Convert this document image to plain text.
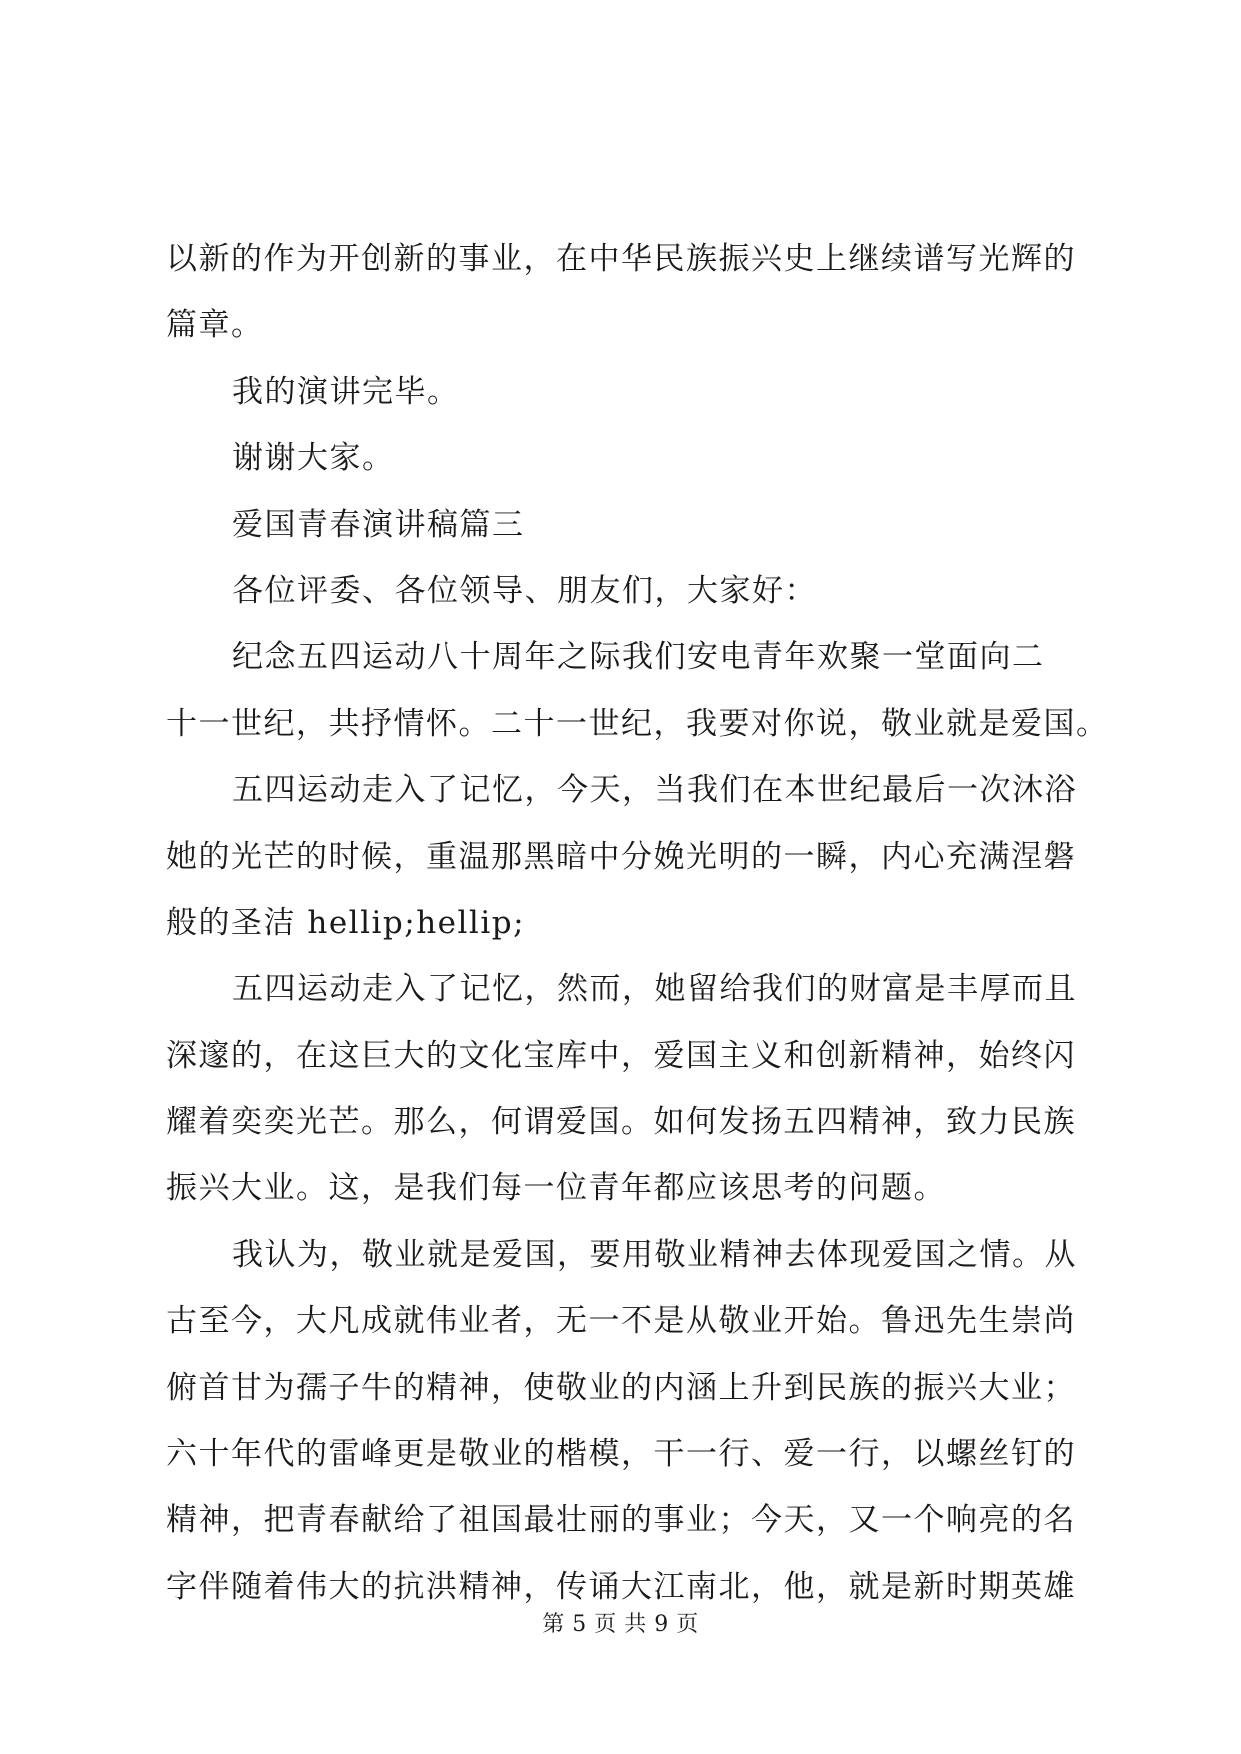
以新的作为开创新的事业，在中华民族振兴史上继续谱写光辉的
篇章。
我的演讲完毕。
谢谢大家。
爱国青春演讲稿篇三
各位评委、各位领导、朋友们，大家好：
纪念五四运动八十周年之际我们安电青年欢聚一堂面向二
十一世纪，共抒情怀。二十一世纪，我要对你说，敬业就是爱国。
五四运动走入了记忆，今天，当我们在本世纪最后一次沐浴
她的光芒的时候，重温那黑暗中分娩光明的一瞬，内心充满涅磐
般的圣洁 hellip;hellip;
五四运动走入了记忆，然而，她留给我们的财富是丰厚而且
深邃的，在这巨大的文化宝库中，爱国主义和创新精神，始终闪
耀着奕奕光芒。那么，何谓爱国。如何发扬五四精神，致力民族
振兴大业。这，是我们每一位青年都应该思考的问题。
我认为，敬业就是爱国，要用敬业精神去体现爱国之情。从
古至今，大凡成就伟业者，无一不是从敬业开始。鲁迅先生崇尚
俯首甘为孺子牛的精神，使敬业的内涵上升到民族的振兴大业；
六十年代的雷峰更是敬业的楷模，干一行、爱一行，以螺丝钉的
精神，把青春献给了祖国最壮丽的事业；今天，又一个响亮的名
字伴随着伟大的抗洪精神，传诵大江南北，他，就是新时期英雄
第 5 页 共 9 页
